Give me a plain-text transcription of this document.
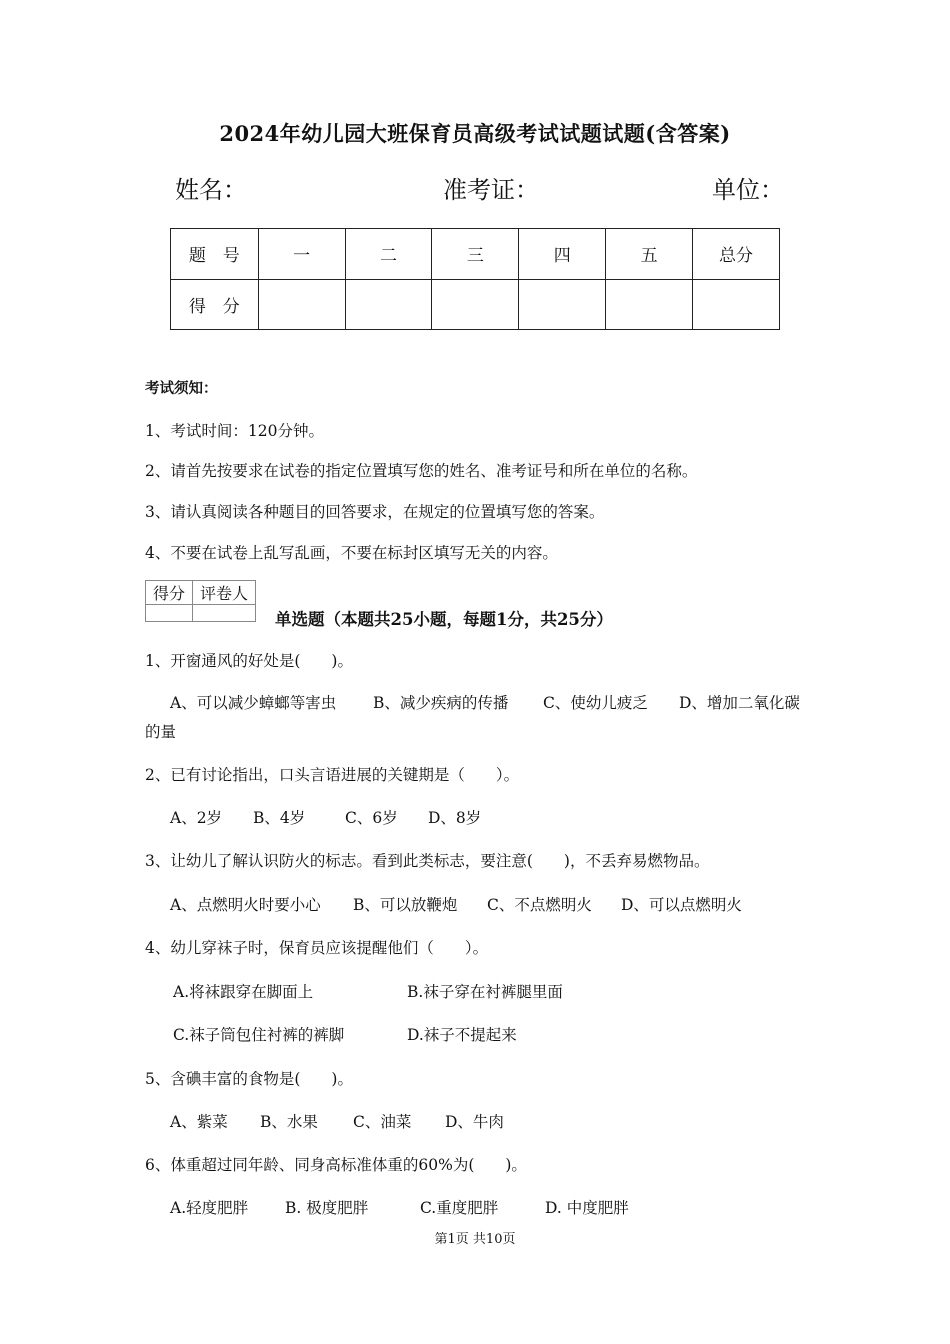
2024年幼儿园大班保育员高级考试试题试题(含答案)
姓名：	准考证：	单位：
题　号	一	二	三	四	五	总分
得　分						
考试须知：
1、考试时间：120分钟。
2、请首先按要求在试卷的指定位置填写您的姓名、准考证号和所在单位的名称。
3、请认真阅读各种题目的回答要求，在规定的位置填写您的答案。
4、不要在试卷上乱写乱画，不要在标封区填写无关的内容。
得分	评卷人

单选题（本题共25小题，每题1分，共25分）
1、开窗通风的好处是(　　)。
A、可以减少蟑螂等害虫 B、减少疾病的传播 C、使幼儿疲乏 D、增加二氧化碳
的量
2、已有讨论指出，口头言语进展的关键期是（　　）。
A、2岁 B、4岁	C、6岁 D、8岁
3、让幼儿了解认识防火的标志。看到此类标志，要注意(　　)，不丢弃易燃物品。
A、点燃明火时要小心 B、可以放鞭炮 C、不点燃明火 D、可以点燃明火
4、幼儿穿袜子时，保育员应该提醒他们（　　）。
A.将袜跟穿在脚面上	B.袜子穿在衬裤腿里面
C.袜子筒包住衬裤的裤脚	D.袜子不提起来
5、含碘丰富的食物是(　　)。
A、紫菜 B、水果 C、油菜 D、牛肉
6、体重超过同年龄、同身高标准体重的60%为(　　)。
A.轻度肥胖 B. 极度肥胖	C.重度肥胖	D. 中度肥胖
第1页 共10页
